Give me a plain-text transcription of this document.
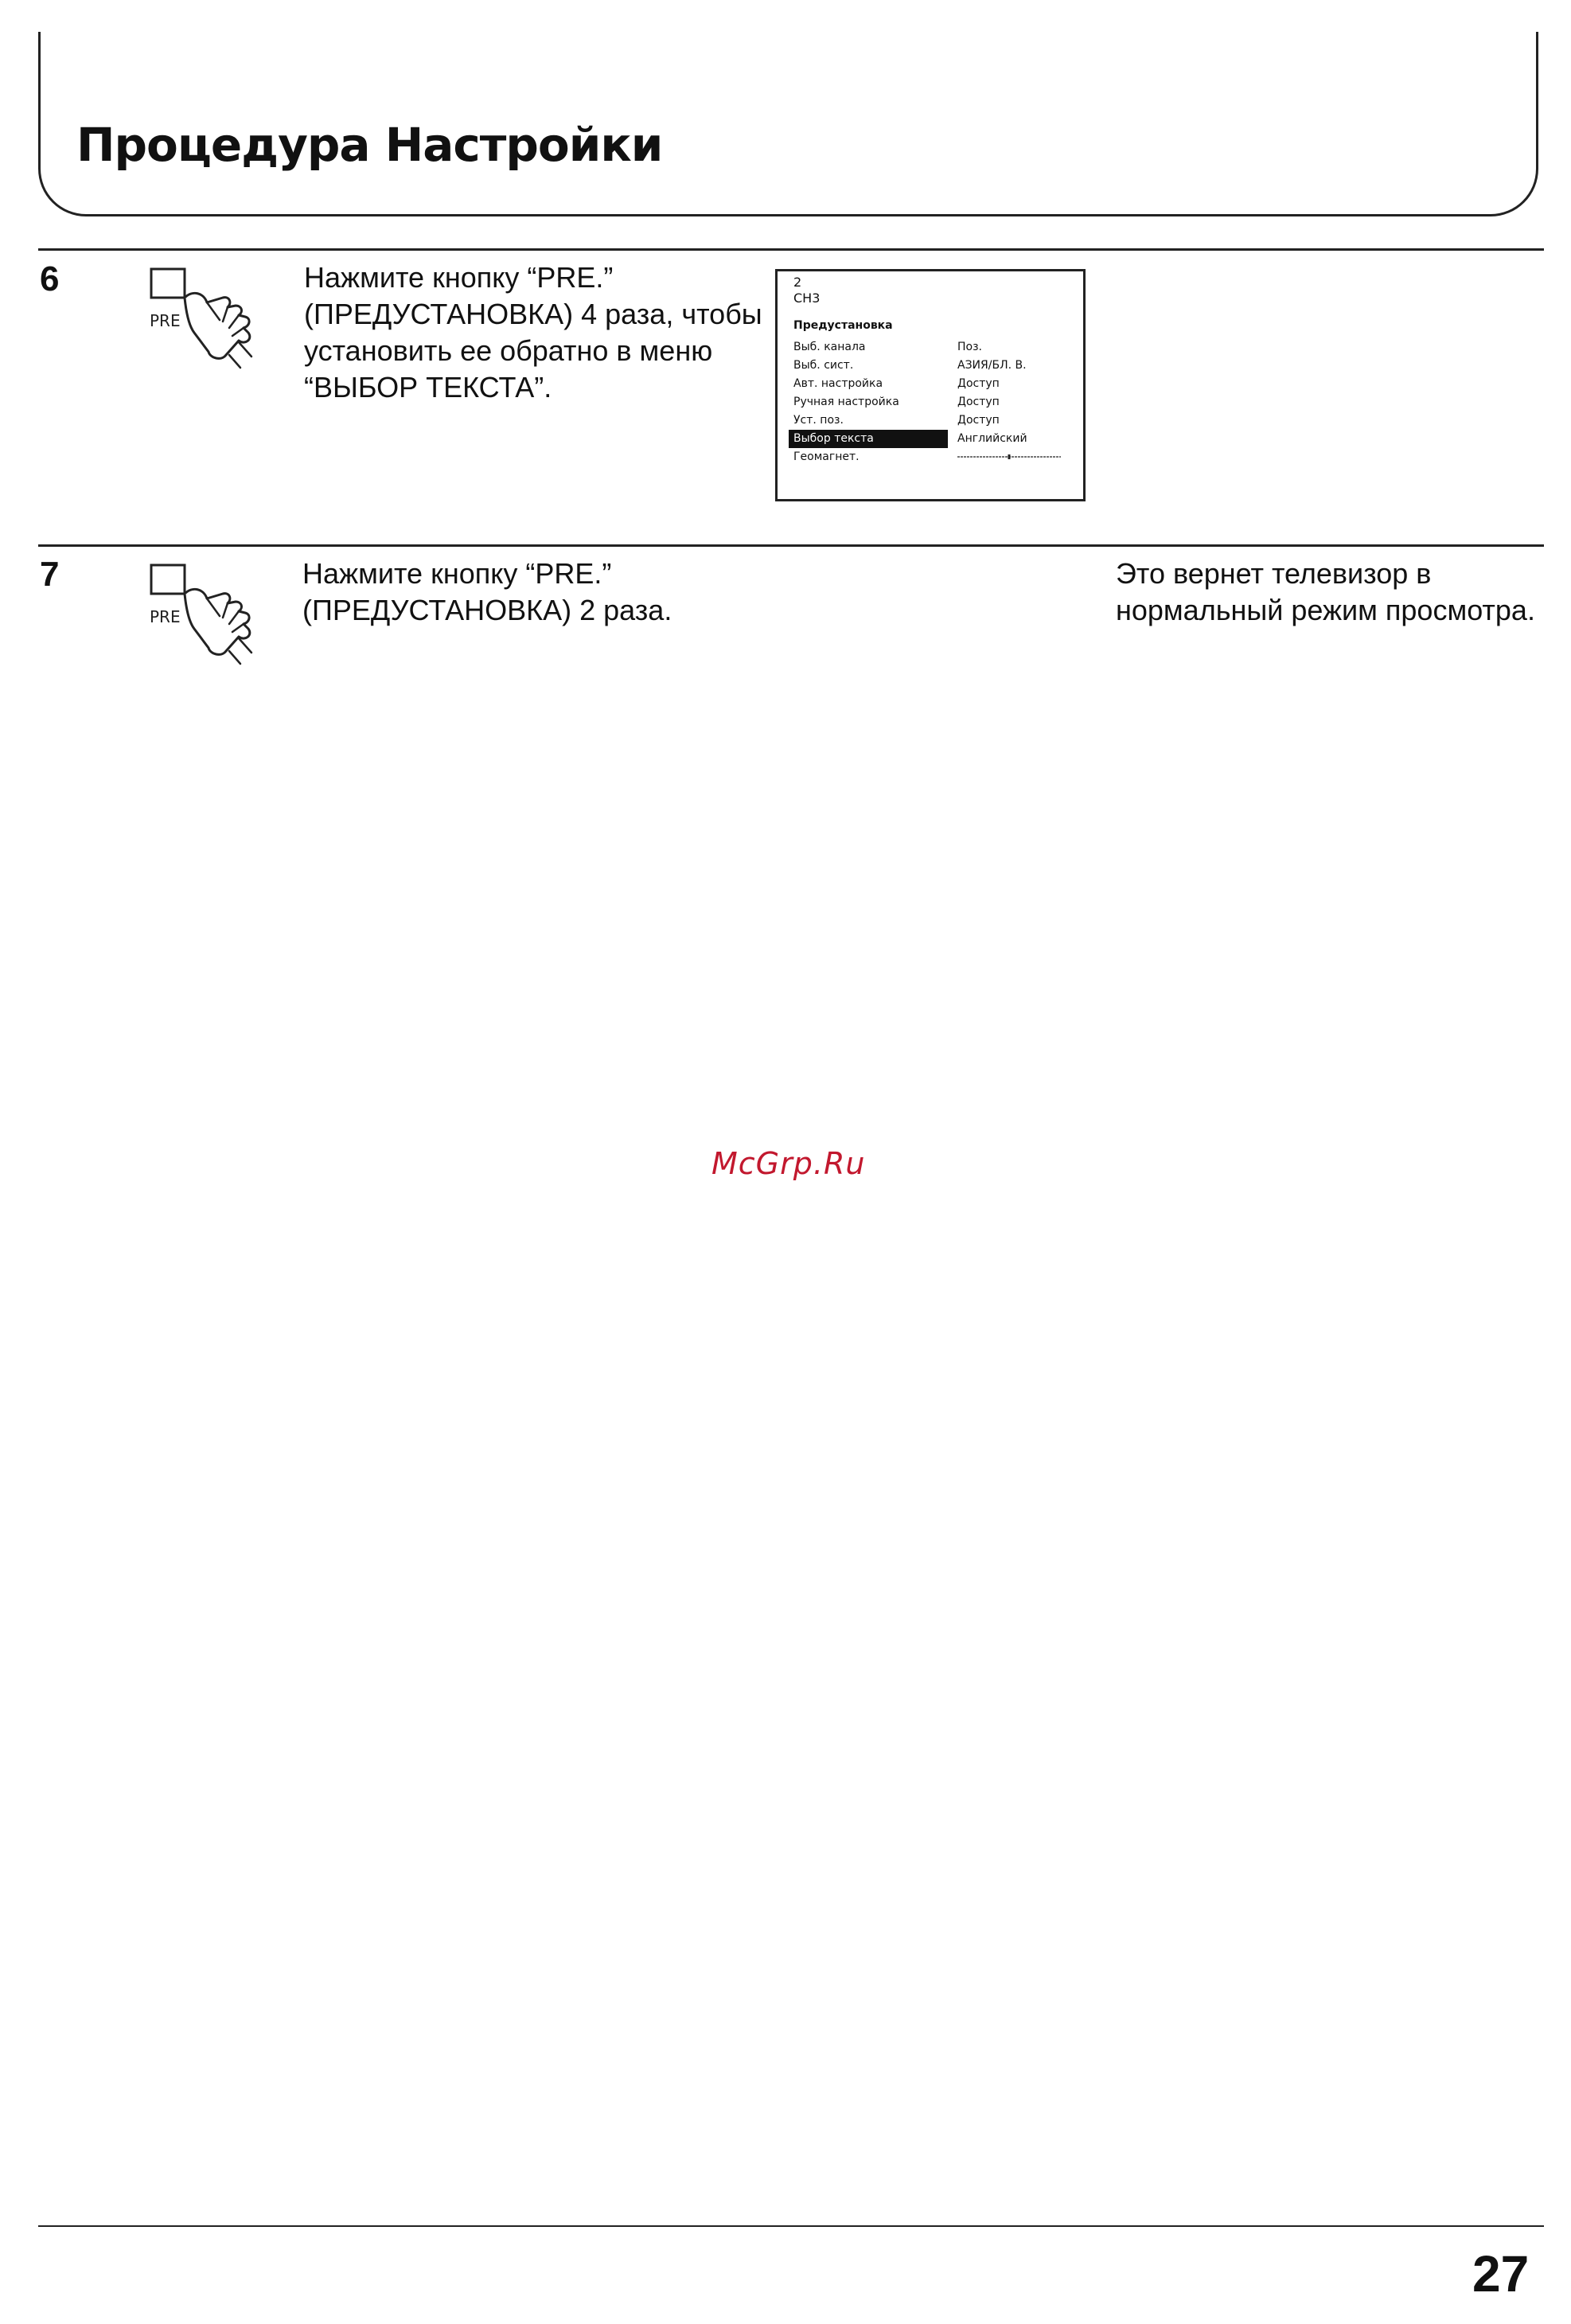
Процедура Настройки
6
PRE
Нажмите кнопку “PRE.”
(ПРЕДУСТАНОВКА) 4 раза, чтобы
установить ее обратно в меню
“ВЫБОР ТЕКСТА”.
2
CH3
Предустановка
Выб. канала	Поз.
Выб. сист.	АЗИЯ/БЛ. В.
Авт. настройка	Доступ
Ручная настройка	Доступ
Уст. поз.	Доступ
Выбор текста	Английский
Геомагнет.
7
PRE
Нажмите кнопку “PRE.”
(ПРЕДУСТАНОВКА) 2 раза.
Это вернет телевизор в
нормальный режим просмотра.
McGrp.Ru
27
